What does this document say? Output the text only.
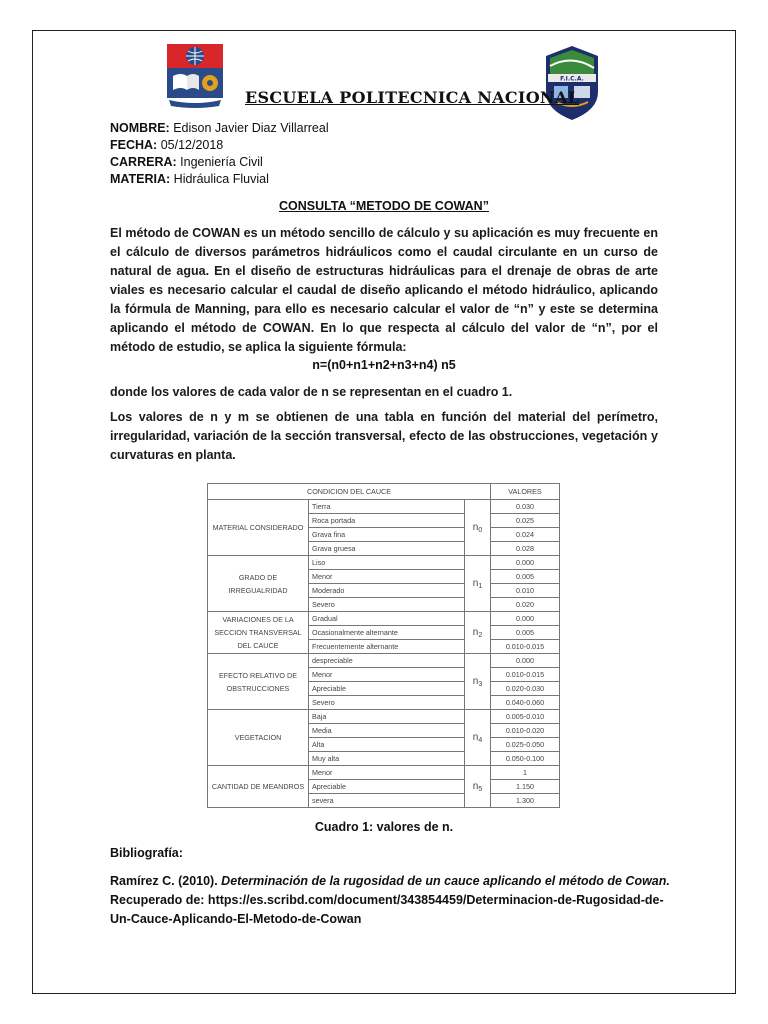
F.I.C.A.
ESCUELA POLITECNICA NACIONAL
NOMBRE: Edison Javier Diaz Villarreal
FECHA: 05/12/2018
CARRERA: Ingeniería Civil
MATERIA: Hidráulica Fluvial
CONSULTA “METODO DE COWAN”
El método de COWAN es un método sencillo de cálculo y su aplicación es muy frecuente en el cálculo de diversos parámetros hidráulicos como el caudal circulante en un curso de natural de agua. En el diseño de estructuras hidráulicas para el drenaje de obras de arte viales es necesario calcular el caudal de diseño aplicando el método hidráulico, aplicando la fórmula de Manning, para ello es necesario calcular el valor de “n” y este se determina aplicando el método de COWAN. En lo que respecta al cálculo del valor de “n”, por el método de estudio, se aplica la siguiente fórmula:
n=(n0+n1+n2+n3+n4) n5
donde los valores de cada valor de n se representan en el cuadro 1.
Los valores de n y m se obtienen de una tabla en función del material del perímetro, irregularidad, variación de la sección transversal, efecto de las obstrucciones, vegetación y curvaturas en planta.
CONDICION DEL CAUCE			VALORES
MATERIAL CONSIDERADO	Tierra	$n_0$	0.030
	Roca portada		0.025
	Grava fina		0.024
	Grava gruesa		0.028
GRADO DE IRREGUALRIDAD	Liso	$n_1$	0.000
	Menor		0.005
	Moderado		0.010
	Severo		0.020
VARIACIONES DE LA SECCION TRANSVERSAL DEL CAUCE	Gradual	$n_2$	0.000
	Ocasionalmente alternante		0.005
	Frecuentemente alternante		0.010-0.015
EFECTO RELATIVO DE OBSTRUCCIONES	despreciable	$n_3$	0.000
	Menor		0.010-0.015
	Apreciable		0.020-0.030
	Severo		0.040-0.060
VEGETACION	Baja	$n_4$	0.005-0.010
	Media		0.010-0.020
	Alta		0.025-0.050
	Muy alta		0.050-0.100
CANTIDAD DE MEANDROS	Menor	$n_5$	1
	Apreciable		1.150
	severa		1.300
Cuadro 1: valores de n.
Bibliografía:
Ramírez C. (2010). Determinación de la rugosidad de un cauce aplicando el método de Cowan. Recuperado de: https://es.scribd.com/document/343854459/Determinacion-de-Rugosidad-de-Un-Cauce-Aplicando-El-Metodo-de-Cowan
